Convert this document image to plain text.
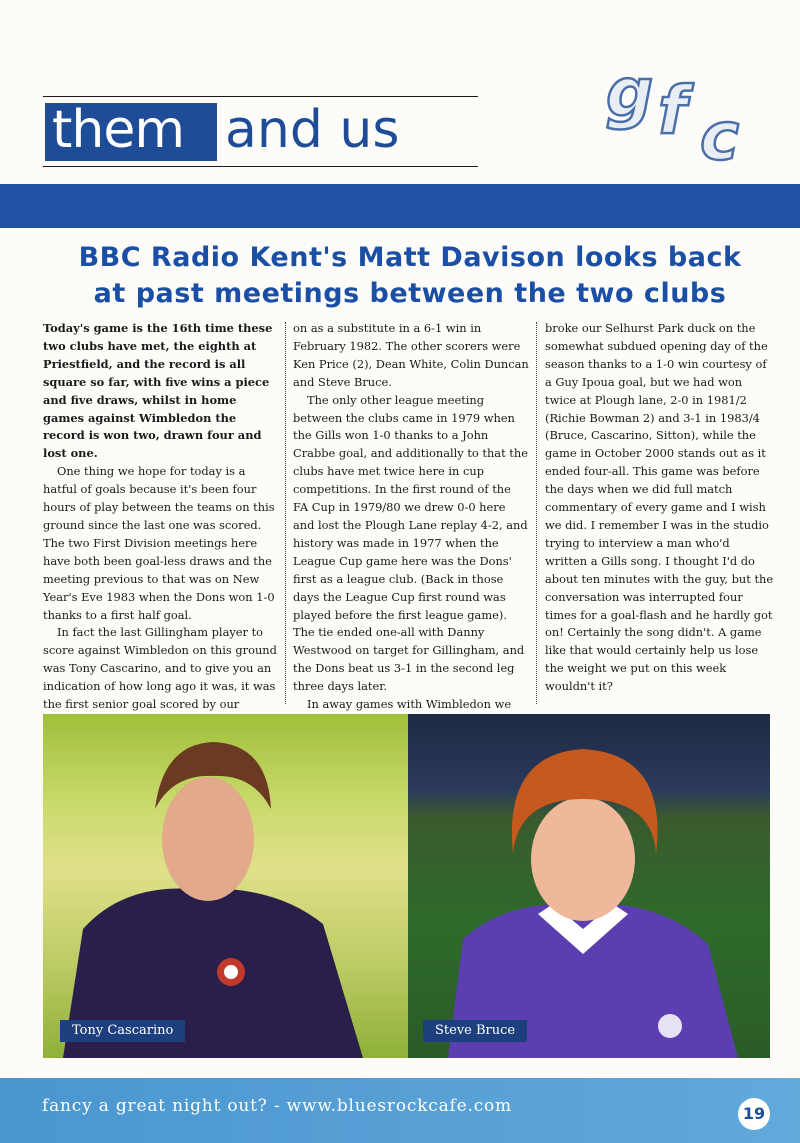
them and us	g f c
BBC Radio Kent's Matt Davison looks back
at past meetings between the two clubs

Today's game is the 16th time these two clubs have met, the eighth at Priestfield, and the record is all square so far, with five wins a piece and five draws, whilst in home games against Wimbledon the record is won two, drawn four and lost one.

One thing we hope for today is a hatful of goals because it's been four hours of play between the teams on this ground since the last one was scored. The two First Division meetings here have both been goal-less draws and the meeting previous to that was on New Year's Eve 1983 when the Dons won 1-0 thanks to a first half goal.

In fact the last Gillingham player to score against Wimbledon on this ground was Tony Cascarino, and to give you an indication of how long ago it was, it was the first senior goal scored by our

on as a substitute in a 6-1 win in February 1982. The other scorers were Ken Price (2), Dean White, Colin Duncan and Steve Bruce.

The only other league meeting between the clubs came in 1979 when the Gills won 1-0 thanks to a John Crabbe goal, and additionally to that the clubs have met twice here in cup competitions. In the first round of the FA Cup in 1979/80 we drew 0-0 here and lost the Plough Lane replay 4-2, and history was made in 1977 when the League Cup game here was the Dons' first as a league club. (Back in those days the League Cup first round was played before the first league game). The tie ended one-all with Danny Westwood on target for Gillingham, and the Dons beat us 3-1 in the second leg three days later.

In away games with Wimbledon we

broke our Selhurst Park duck on the somewhat subdued opening day of the season thanks to a 1-0 win courtesy of a Guy Ipoua goal, but we had won twice at Plough lane, 2-0 in 1981/2 (Richie Bowman 2) and 3-1 in 1983/4 (Bruce, Cascarino, Sitton), while the game in October 2000 stands out as it ended four-all. This game was before the days when we did full match commentary of every game and I wish we did. I remember I was in the studio trying to interview a man who'd written a Gills song. I thought I'd do about ten minutes with the guy, but the conversation was interrupted four times for a goal-flash and he hardly got on! Certainly the song didn't. A game like that would certainly help us lose the weight we put on this week wouldn't it?

Tony Cascarino	Steve Bruce
fancy a great night out? - www.bluesrockcafe.com	19
